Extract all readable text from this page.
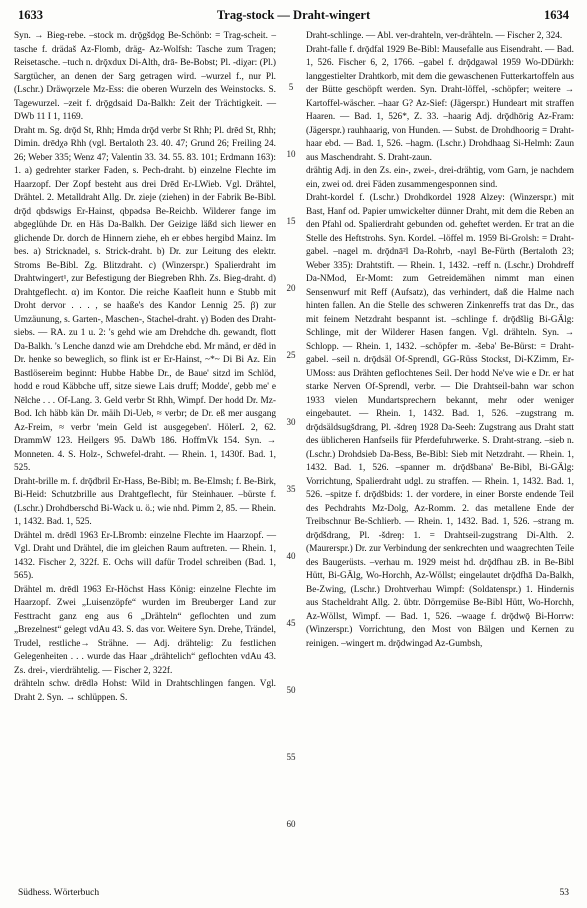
1633	Trag-stock — Draht-wingert	1634

Syn. → Bieg-rebe. –stock m. drǭgšdǫg Be-Schönb: = Trag-scheit. –tasche f. drädaš Az-Flomb, dräg- Az-Wolfsh: Tasche zum Tragen; Reisetasche. –tuch n. drǭxdux Di-Alth, drā- Be-Bobst; Pl. -diχǝr: (Pl.) Sargtücher, an denen der Sarg getragen wird. –wurzel f., nur Pl. (Lschr.) Dräwǫrzele Mz-Ess: die oberen Wurzeln des Weinstocks. S. Tagewurzel. –zeit f. drǭgdsaid Da-Balkh: Zeit der Trächtigkeit. — DWb 11 I 1, 1169.

Draht m. Sg. drǭd St, Rhh; Hmda drǭd verbr St Rhh; Pl. drēd St, Rhh; Dimin. drēdχǝ Rhh (vgl. Bertaloth 23. 40. 47; Grund 26; Freiling 24. 26; Weber 335; Wenz 47; Valentin 33. 34. 55. 83. 101; Erdmann 163): 1. a) gedrehter starker Faden, s. Pech-draht. b) einzelne Flechte im Haarzopf. Der Zopf besteht aus drei Drēd Er-LWieb. Vgl. Drähtel, Drähtel. 2. Metalldraht Allg. Dr. zieje (ziehen) in der Fabrik Be-Bibl. drǭd qbdswigs Er-Hainst, qbpǝdsǝ Be-Reichb. Wilderer fange im abgeglühde Dr. en Häs Da-Balkh. Der Geizige läßd sich liewer en glichende Dr. dorch de Hinnern ziehe, eh er ebbes hergibd Mainz. Im bes. a) Stricknadel, s. Strick-draht. b) Dr. zur Leitung des elektr. Stroms Be-Bibl. Zg. Blitzdraht. c) (Winzerspr.) Spalierdraht im Drahtwingert¹, zur Befestigung der Biegreben Rhh. Zs. Bieg-draht. d) Drahtgeflecht. α) im Kontor. Die reiche Kaafleit hunn e Stubb mit Droht dervor . . . , se haaße's des Kandor Lennig 25. β) zur Umzäunung, s. Garten-, Maschen-, Stachel-draht. γ) Boden des Draht-siebs. — RA. zu 1 u. 2: 's gehd wie am Drehdche dh. gewandt, flott Da-Balkh. 's Lenche danzd wie am Drehdche ebd. Mr mänd, er dēd in Dr. henke so beweglich, so flink ist er Er-Hainst, ~*~ Di Bi Az. Ein Bastlösereim beginnt: Hubbe Habbe Dr., de Baue' sitzd im Schlöd, hodd e roud Käbbche uff, sitze siewe Lais druff; Modde', gebb me' e Nēlche . . . Of-Lang. 3. Geld verbr St Rhh, Wimpf. Der hodd Dr. Mz-Bod. Ich häbb kän Dr. mäih Di-Ueb, ≈ verbr; de Dr. eß mer ausgang Az-Freim, ≈ verbr 'mein Geld ist ausgegeben'. HölerL 2, 62. DrammW 123. Heilgers 95. DaWb 186. HoffmVk 154. Syn. → Monneten. 4. S. Holz-, Schwefel-draht. — Rhein. 1, 1430f. Bad. 1, 525.

Draht-brille m. f. drǭdbril Er-Hass, Be-Bibl; m. Be-Elmsh; f. Be-Birk, Bi-Heid: Schutzbrille aus Drahtgeflecht, für Steinhauer. –bürste f. (Lschr.) Drohdberschd Bi-Wack u. ö.; wie nhd. Pimm 2, 85. — Rhein. 1, 1432. Bad. 1, 525.

Drähtel m. drēdl 1963 Er-LBromb: einzelne Flechte im Haarzopf. — Vgl. Draht und Drähtel, die im gleichen Raum auftreten. — Rhein. 1, 1432. Fischer 2, 322f. E. Ochs will dafür Trodel schreiben (Bad. 1, 565).

Drähtel m. drēdl 1963 Er-Höchst Hass König: einzelne Flechte im Haarzopf. Zwei „Luisenzöpfe“ wurden im Breuberger Land zur Festtracht ganz eng aus 6 „Drähteln“ geflochten und zum „Brezelnest“ gelegt vdAu 43. S. das vor. Weitere Syn. Drehe, Trändel, Trudel, restliche→ Strähne. — Adj. drähtelig: Zu festlichen Gelegenheiten . . . wurde das Haar „drähtelich“ geflochten vdAu 43. Zs. drei-, vierdrähtelig. — Fischer 2, 322f.

drähteln schw. drēdlǝ Hohst: Wild in Drahtschlingen fangen. Vgl. Draht 2. Syn. → schlüppen. S.

5
10
15
20
25
30
35
40
45
50
55
60

Draht-schlinge. — Abl. ver-drahteln, ver-drähteln. — Fischer 2, 324.

Draht-falle f. drǭdfal 1929 Be-Bibl: Mausefalle aus Eisendraht. — Bad. 1, 526. Fischer 6, 2, 1766. –gabel f. drǭdgawǝl 1959 Wo-DDürkh: langgestielter Drahtkorb, mit dem die gewaschenen Futterkartoffeln aus der Bütte geschöpft werden. Syn. Draht-löffel, -schöpfer; weitere → Kartoffel-wäscher. –haar G? Az-Sief: (Jägerspr.) Hundeart mit straffen Haaren. — Bad. 1, 526*, Z. 33. –haarig Adj. drǭdhōrig Az-Fram: (Jägerspr.) rauhhaarig, von Hunden. — Subst. de Drohdhoorig = Draht-haar ebd. — Bad. 1, 526. –hagm. (Lschr.) Drohdhaag Si-Helmh: Zaun aus Maschendraht. S. Draht-zaun.

drähtig Adj. in den Zs. ein-, zwei-, drei-drähtig, vom Garn, je nachdem ein, zwei od. drei Fäden zusammengesponnen sind.

Draht-kordel f. (Lschr.) Drohdkordel 1928 Alzey: (Winzerspr.) mit Bast, Hanf od. Papier umwickelter dünner Draht, mit dem die Reben an den Pfahl od. Spalierdraht gebunden od. geheftet werden. Er trat an die Stelle des Heftstrohs. Syn. Kordel. –löffel m. 1959 Bi-Grolsh: = Draht-gabel. –nagel m. drǭdnā²l Da-Rohrb, -nayl Be-Fürth (Bertaloth 23; Weber 335): Drahtstift. — Rhein. 1, 1432. –reff n. (Lschr.) Drohdreff Da-NMod, Er-Momt: zum Getreidemähen nimmt man einen Sensenwurf mit Reff (Aufsatz), das verhindert, daß die Halme nach hinten fallen. An die Stelle des schweren Zinkenreffs trat das Dr., das mit feinem Netzdraht bespannt ist. –schlinge f. drǭdšlig Bi-GÄlg: Schlinge, mit der Wilderer Hasen fangen. Vgl. drähteln. Syn. → Schlopp. — Rhein. 1, 1432. –schöpfer m. -šebǝ' Be-Bürst: = Draht-gabel. –seil n. drǭdsäl Of-Sprendl, GG-Rüss Stockst, Di-KZimm, Er-UMoss: aus Drähten geflochtenes Seil. Der hodd Ne've wie e Dr. er hat starke Nerven Of-Sprendl, verbr. — Die Drahtseil-bahn war schon 1933 vielen Mundartsprechern bekannt, mehr oder weniger eingebautet. — Rhein. 1, 1432. Bad. 1, 526. –zugstrang m. drǭdsäldsugšdrang, Pl. -šdreŋ 1928 Da-Seeh: Zugstrang aus Draht statt des üblicheren Hanfseils für Pferdefuhrwerke. S. Draht-strang. –sieb n. (Lschr.) Drohdsieb Da-Bess, Be-Bibl: Sieb mit Netzdraht. — Rhein. 1, 1432. Bad. 1, 526. –spanner m. drǭdšbanǝ' Be-Bibl, Bi-GÄlg: Vorrichtung, Spalierdraht udgl. zu straffen. — Rhein. 1, 1432. Bad. 1, 526. –spitze f. drǭdšbids: 1. der vordere, in einer Borste endende Teil des Pechdrahts Mz-Dolg, Az-Romm. 2. das metallene Ende der Treibschnur Be-Schlierb. — Rhein. 1, 1432. Bad. 1, 526. –strang m. drǭdšdrang, Pl. -šdreŋ: 1. = Drahtseil-zugstrang Di-Alth. 2. (Maurerspr.) Dr. zur Verbindung der senkrechten und waagrechten Teile des Baugerüsts. –verhau m. 1929 meist hd. drǭdfhau zB. in Be-Bibl Hütt, Bi-GÄlg, Wo-Horchh, Az-Wöllst; eingelautet drǭdfhā Da-Balkh, Be-Zwing, (Lschr.) Drohtverhau Wimpf: (Soldatenspr.) 1. Hindernis aus Stacheldraht Allg. 2. übtr. Dörrgemüse Be-Bibl Hütt, Wo-Horchh, Az-Wöllst, Wimpf. — Bad. 1, 526. –waage f. drǭdwǭ Bi-Horrw: (Winzerspr.) Vorrichtung, den Most von Bälgen und Kernen zu reinigen. –wingert m. drǭdwingǝd Az-Gumbsh,

Südhess. Wörterbuch	53
